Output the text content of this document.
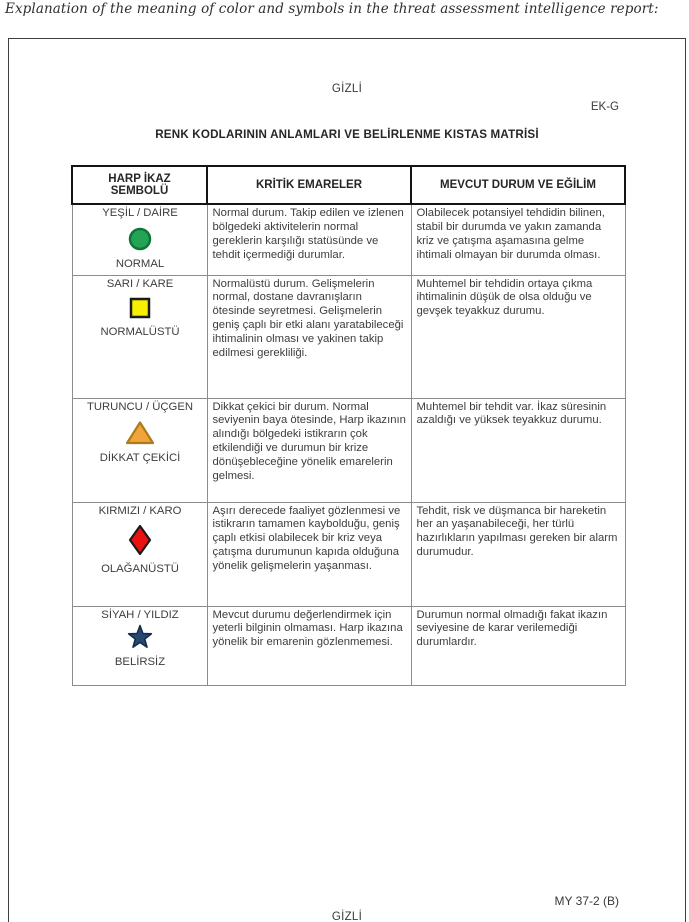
Explanation of the meaning of color and symbols in the threat assessment intelligence report:
GİZLİ
EK-G
RENK KODLARININ ANLAMLARI VE BELİRLENME KISTAS MATRİSİ
HARP İKAZ SEMBOLÜ	KRİTİK EMARELER	MEVCUT DURUM VE EĞİLİM

YEŞİL / DAİRE
NORMAL	Normal durum. Takip edilen ve izlenen bölgedeki aktivitelerin normal gereklerin karşılığı statüsünde ve tehdit içermediği durumlar.	Olabilecek potansiyel tehdidin bilinen, stabil bir durumda ve yakın zamanda kriz ve çatışma aşamasına gelme ihtimali olmayan bir durumda olması.

SARI / KARE
NORMALÜSTÜ	Normalüstü durum. Gelişmelerin normal, dostane davranışların ötesinde seyretmesi. Gelişmelerin geniş çaplı bir etki alanı yaratabileceği ihtimalinin olması ve yakinen takip edilmesi gerekliliği.	Muhtemel bir tehdidin ortaya çıkma ihtimalinin düşük de olsa olduğu ve gevşek teyakkuz durumu.

TURUNCU / ÜÇGEN
DİKKAT ÇEKİCİ	Dikkat çekici bir durum. Normal seviyenin baya ötesinde, Harp ikazının alındığı bölgedeki istikrarın çok etkilendiği ve durumun bir krize dönüşebleceğine yönelik emarelerin gelmesi.	Muhtemel bir tehdit var. İkaz süresinin azaldığı ve yüksek teyakkuz durumu.

KIRMIZI / KARO
OLAĞANÜSTÜ	Aşırı derecede faaliyet gözlenmesi ve istikrarın tamamen kaybolduğu, geniş çaplı etkisi olabilecek bir kriz veya çatışma durumunun kapıda olduğuna yönelik gelişmelerin yaşanması.	Tehdit, risk ve düşmanca bir hareketin her an yaşanabileceği, her türlü hazırlıkların yapılması gereken bir alarm durumudur.

SİYAH / YILDIZ
BELİRSİZ	Mevcut durumu değerlendirmek için yeterli bilginin olmaması. Harp ikazına yönelik bir emarenin gözlenmemesi.	Durumun normal olmadığı fakat ikazın seviyesine de karar verilemediği durumlardır.
MY 37-2 (B)
GİZLİ
